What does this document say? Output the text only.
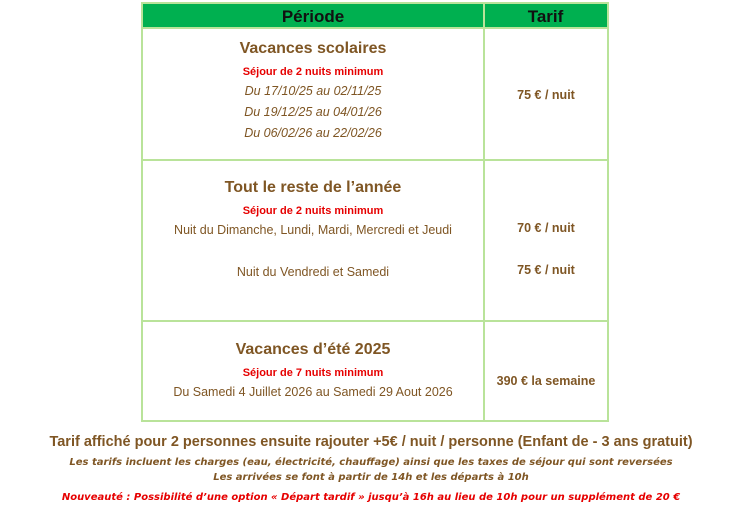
Période	Tarif
Vacances scolaires
Séjour de 2 nuits minimum
Du 17/10/25 au 02/11/25
Du 19/12/25 au 04/01/26
Du 06/02/26 au 22/02/26
75 € / nuit
Tout le reste de l’année
Séjour de 2 nuits minimum
Nuit du Dimanche, Lundi, Mardi, Mercredi et Jeudi
Nuit du Vendredi et Samedi
70 € / nuit
75 € / nuit
Vacances d’été 2025
Séjour de 7 nuits minimum
Du Samedi 4 Juillet 2026 au Samedi 29 Aout 2026
390 € la semaine
Tarif affiché pour 2 personnes ensuite rajouter +5€ / nuit / personne (Enfant de - 3 ans gratuit)
Les tarifs incluent les charges (eau, électricité, chauffage) ainsi que les taxes de séjour qui sont reversées
Les arrivées se font à partir de 14h et les départs à 10h
Nouveauté : Possibilité d’une option « Départ tardif » jusqu’à 16h au lieu de 10h pour un supplément de 20 €
